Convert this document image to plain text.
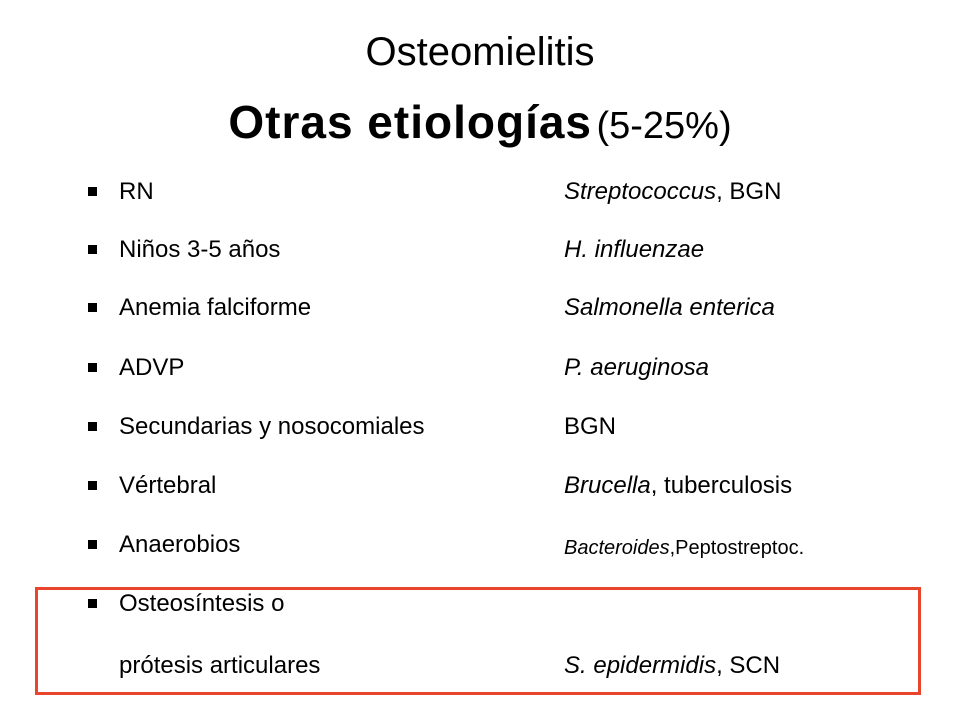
Osteomielitis
Otras etiologías (5-25%)
RN	Streptococcus, BGN
Niños 3-5 años	H. influenzae
Anemia falciforme	Salmonella enterica
ADVP	P. aeruginosa
Secundarias y nosocomiales	BGN
Vértebral	Brucella, tuberculosis
Anaerobios	Bacteroides,Peptostreptoc.
Osteosíntesis o
prótesis articulares	S. epidermidis, SCN
